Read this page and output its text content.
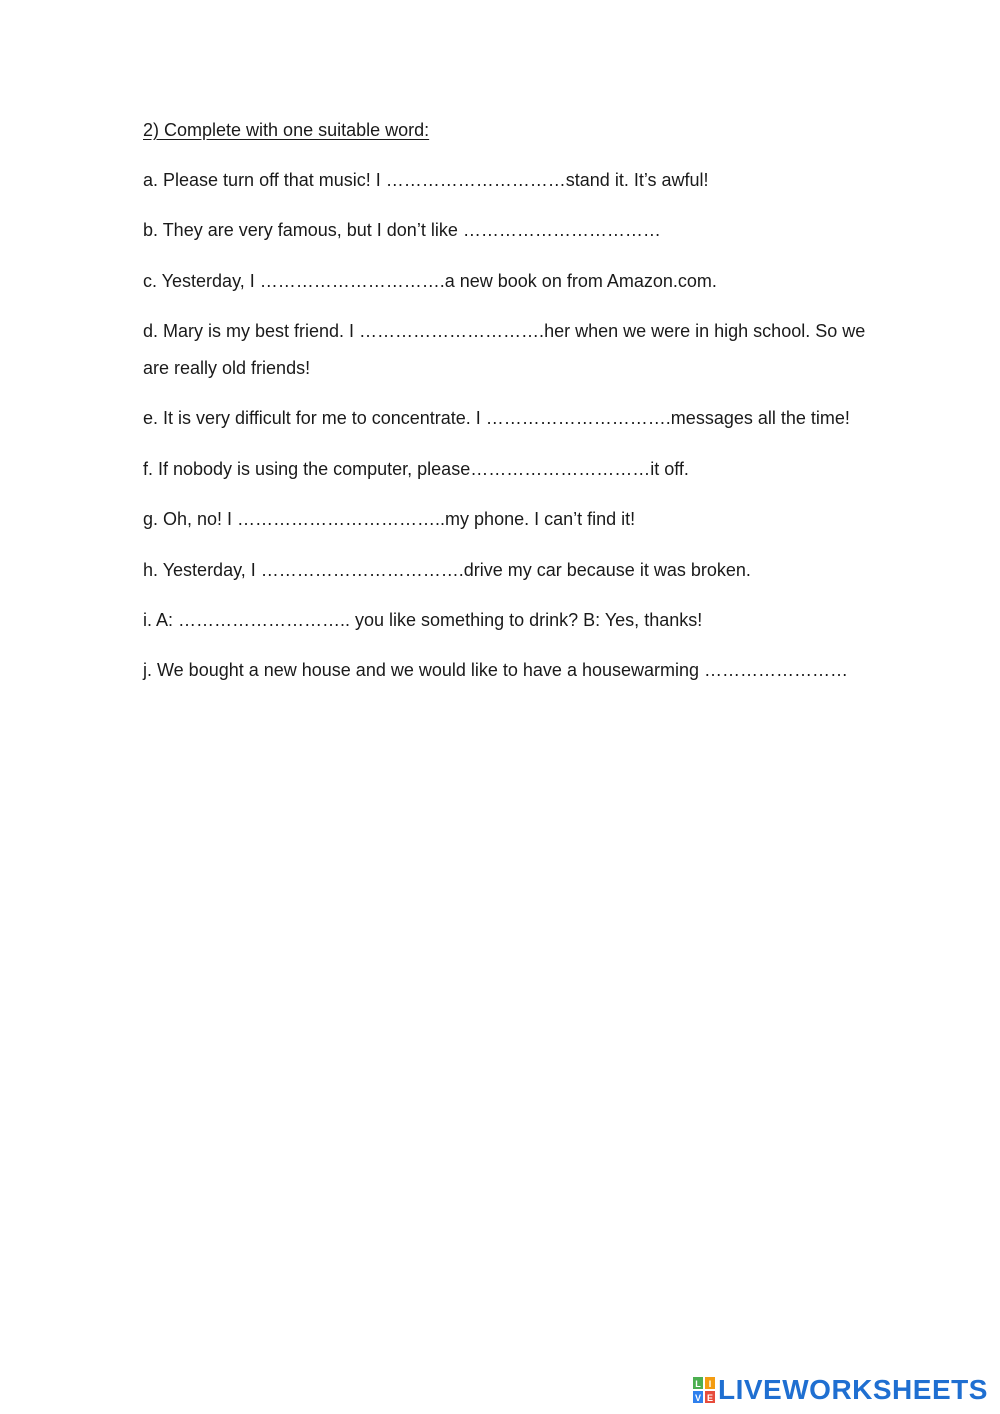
2) Complete with one suitable word:
a. Please turn off that music! I …………………………stand it. It’s awful!
b. They are very famous, but I don’t like ……………………………
c. Yesterday, I ………………………….a new book on from Amazon.com.
d. Mary is my best friend. I ………………………….her when we were in high school. So we
are really old friends!
e. It is very difficult for me to concentrate. I ………………………….messages all the time!
f. If nobody is using the computer, please…………………………it off.
g. Oh, no! I ……………………………..my phone. I can’t find it!
h. Yesterday, I …………………………….drive my car because it was broken.
i. A: ……………………….. you like something to drink? B: Yes, thanks!
j. We bought a new house and we would like to have a housewarming ……………………
L I
V E LIVEWORKSHEETS
